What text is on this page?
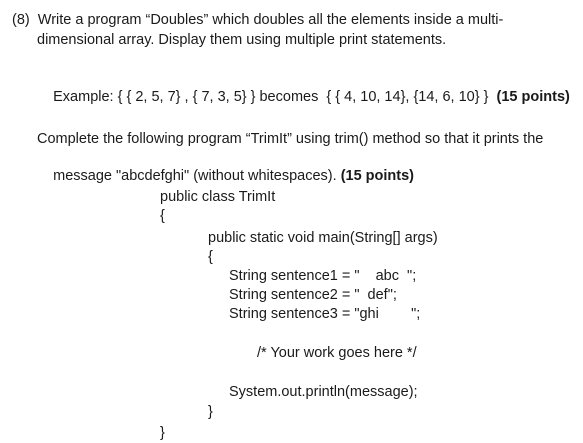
(8)  Write a program “Doubles” which doubles all the elements inside a multi-
dimensional array. Display them using multiple print statements.

Example: { { 2, 5, 7} , { 7, 3, 5} } becomes  { { 4, 10, 14}, {14, 6, 10} } (15 points)

Complete the following program “TrimIt” using trim() method so that it prints the

message "abcdefghi" (without whitespaces). (15 points)

public class TrimIt
{
public static void main(String[] args)
{
String sentence1 = "    abc  ";
String sentence2 = "  def";
String sentence3 = "ghi        ";
/* Your work goes here */
System.out.println(message);
}
}
